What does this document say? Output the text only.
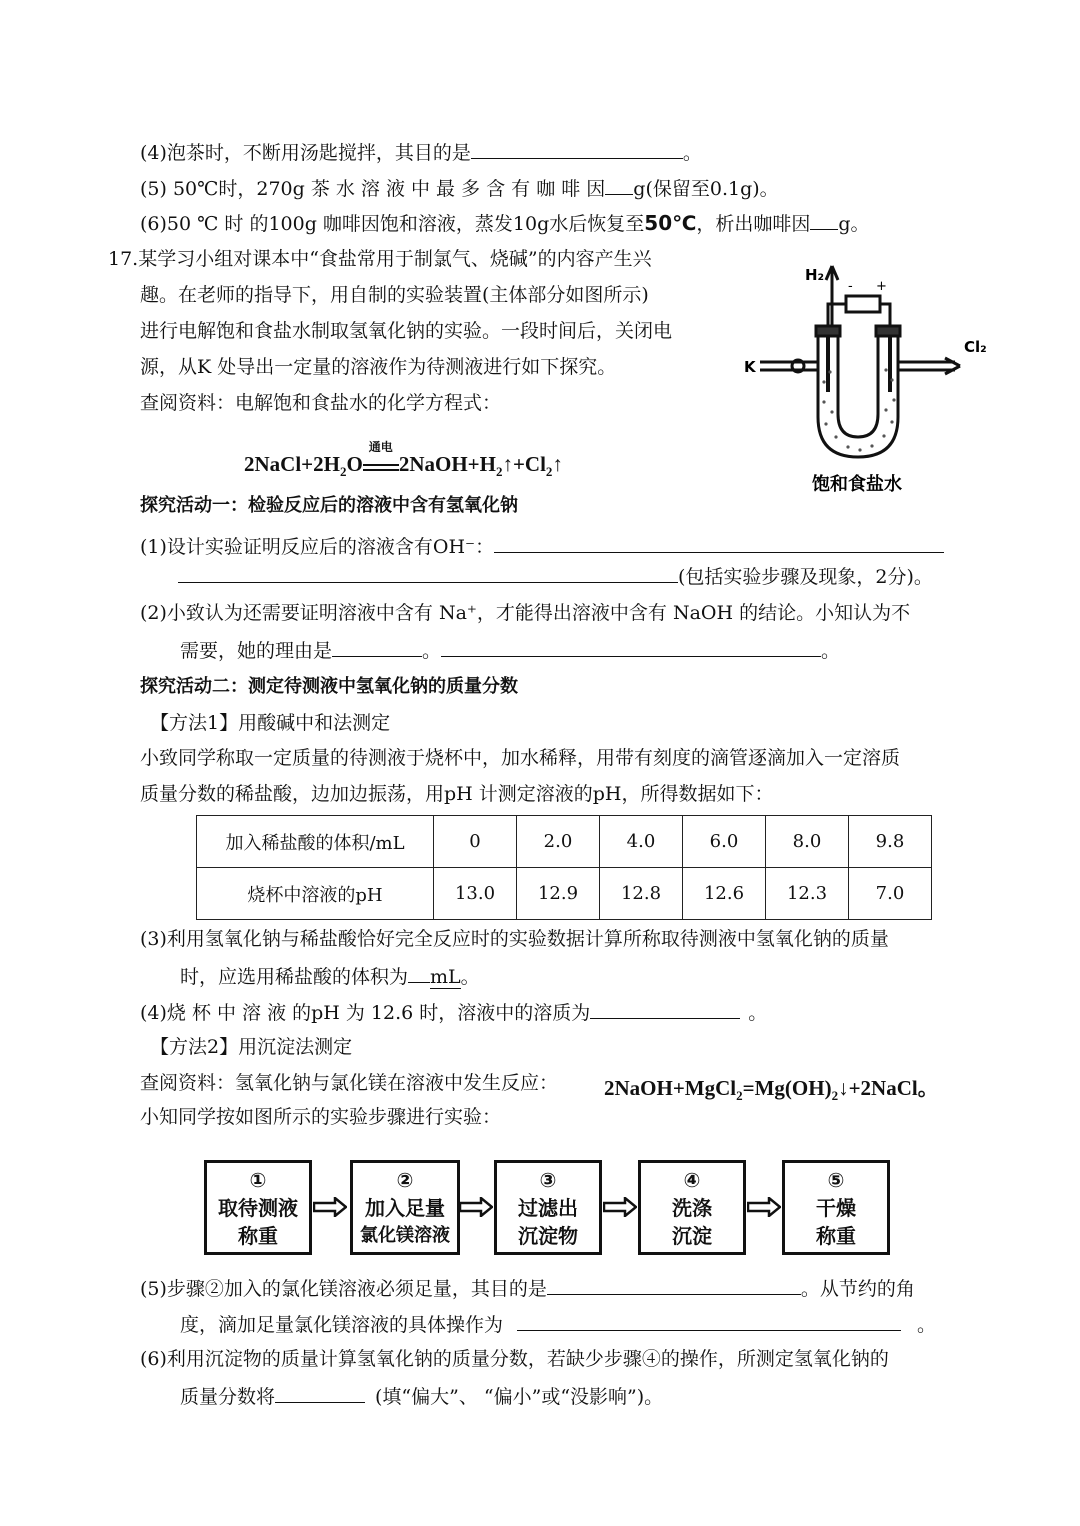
(4)泡茶时，不断用汤匙搅拌，其目的是	。
(5) 50℃时，270g 茶 水 溶 液 中 最 多 含 有 咖 啡 因 g(保留至0.1g)。
(6)50 ℃ 时 的100g 咖啡因饱和溶液，蒸发10g水后恢复至50℃，析出咖啡因 g。
17.某学习小组对课本中“食盐常用于制氯气、烧碱”的内容产生兴
趣。在老师的指导下，用自制的实验装置(主体部分如图所示)
进行电解饱和食盐水制取氢氧化钠的实验。一段时间后，关闭电
源，从K 处导出一定量的溶液作为待测液进行如下探究。
查阅资料：电解饱和食盐水的化学方程式：
H₂
Cl₂
K
- +
饱和食盐水
$2NaCl+2H_2O$
通电
$2NaOH+H_2↑+Cl_2↑$
探究活动一：检验反应后的溶液中含有氢氧化钠
(1)设计实验证明反应后的溶液含有OH⁻：
(包括实验步骤及现象，2分)。
(2)小致认为还需要证明溶液中含有 Na⁺，才能得出溶液中含有 NaOH 的结论。小知认为不
需要，她的理由是	。	。
探究活动二：测定待测液中氢氧化钠的质量分数
【方法1】用酸碱中和法测定
小致同学称取一定质量的待测液于烧杯中，加水稀释，用带有刻度的滴管逐滴加入一定溶质
质量分数的稀盐酸，边加边振荡，用pH 计测定溶液的pH，所得数据如下：
加入稀盐酸的体积/mL	0	2.0	4.0	6.0	8.0	9.8
烧杯中溶液的pH	13.0	12.9	12.8	12.6	12.3	7.0
(3)利用氢氧化钠与稀盐酸恰好完全反应时的实验数据计算所称取待测液中氢氧化钠的质量
时，应选用稀盐酸的体积为 mL。
(4)烧 杯 中 溶 液 的pH 为 12.6 时，溶液中的溶质为	。
【方法2】用沉淀法测定
查阅资料：氢氧化钠与氯化镁在溶液中发生反应： $2NaOH+MgCl_2=Mg(OH)_2↓+2NaCl$。
小知同学按如图所示的实验步骤进行实验：
①
取待测液
称重
②
加入足量
氯化镁溶液
③
过滤出
沉淀物
④
洗涤
沉淀
⑤
干燥
称重
(5)步骤②加入的氯化镁溶液必须足量，其目的是	。从节约的角
度，滴加足量氯化镁溶液的具体操作为	。
(6)利用沉淀物的质量计算氢氧化钠的质量分数，若缺少步骤④的操作，所测定氢氧化钠的
质量分数将	(填“偏大”、 “偏小”或“没影响”)。
